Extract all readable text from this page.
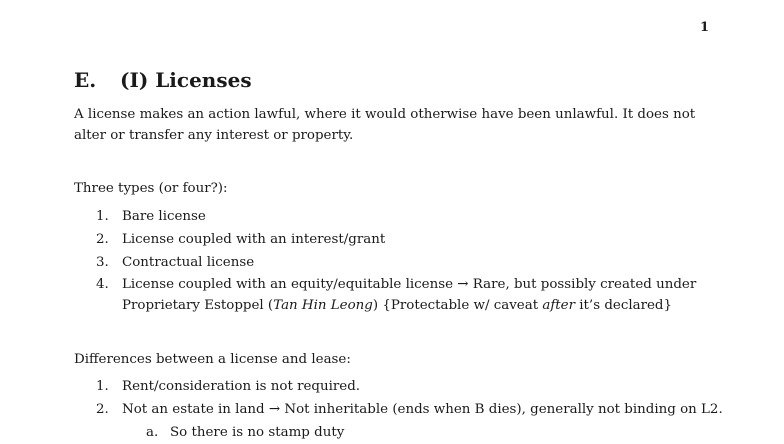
1
E. (I) Licenses

A license makes an action lawful, where it would otherwise have been unlawful. It does not alter or transfer any interest or property.

Three types (or four?):

1. Bare license
2. License coupled with an interest/grant
3. Contractual license
4. License coupled with an equity/equitable license → Rare, but possibly created under Proprietary Estoppel (Tan Hin Leong) {Protectable w/ caveat after it’s declared}

Differences between a license and lease:

1. Rent/consideration is not required.
2. Not an estate in land → Not inheritable (ends when B dies), generally not binding on L2.
a. So there is no stamp duty
